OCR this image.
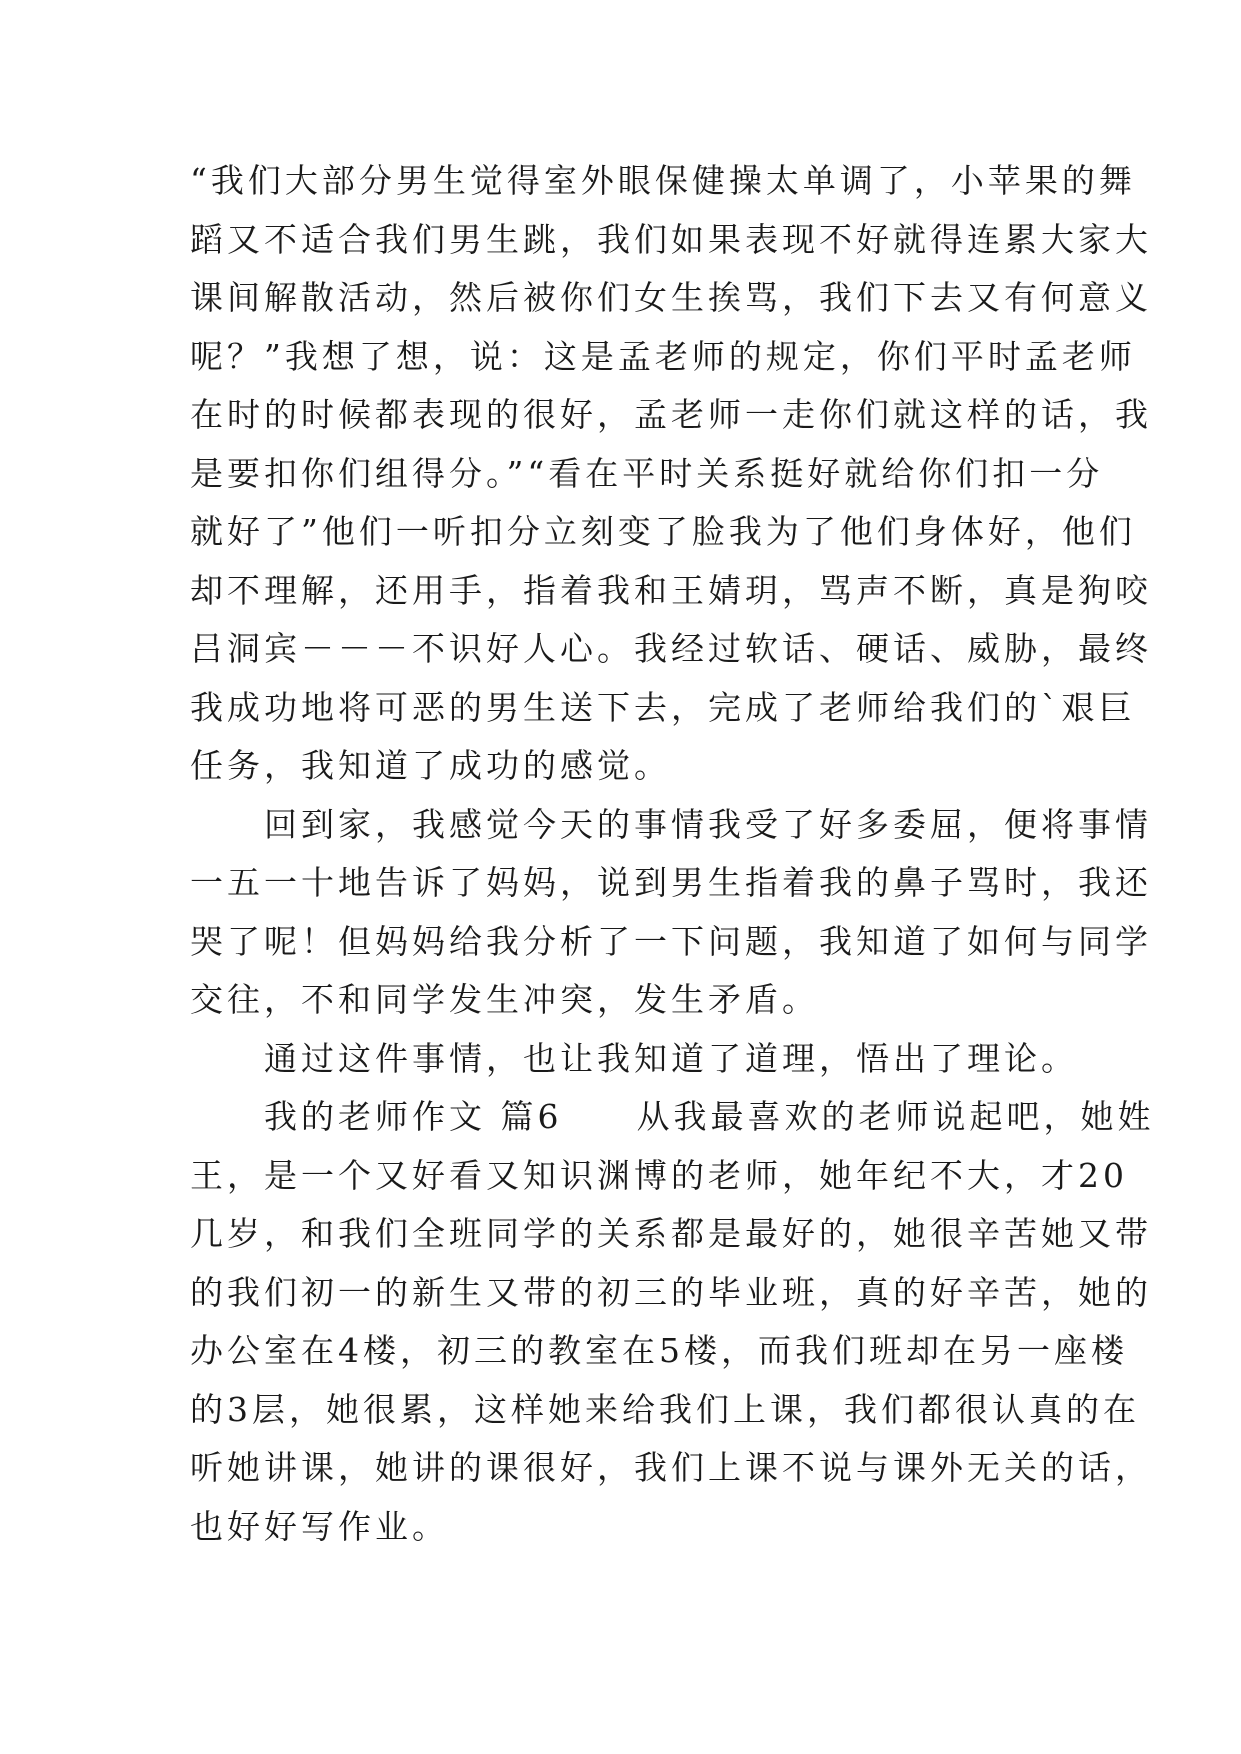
“我们大部分男生觉得室外眼保健操太单调了，小苹果的舞
蹈又不适合我们男生跳，我们如果表现不好就得连累大家大
课间解散活动，然后被你们女生挨骂，我们下去又有何意义
呢？”我想了想，说：这是孟老师的规定，你们平时孟老师
在时的时候都表现的很好，孟老师一走你们就这样的话，我
是要扣你们组得分。”“看在平时关系挺好就给你们扣一分
就好了”他们一听扣分立刻变了脸我为了他们身体好，他们
却不理解，还用手，指着我和王婧玥，骂声不断，真是狗咬
吕洞宾－－－不识好人心。我经过软话、硬话、威胁，最终
我成功地将可恶的男生送下去，完成了老师给我们的`艰巨
任务，我知道了成功的感觉。
　　回到家，我感觉今天的事情我受了好多委屈，便将事情
一五一十地告诉了妈妈，说到男生指着我的鼻子骂时，我还
哭了呢！但妈妈给我分析了一下问题，我知道了如何与同学
交往，不和同学发生冲突，发生矛盾。
　　通过这件事情，也让我知道了道理，悟出了理论。
　　我的老师作文 篇6　　从我最喜欢的老师说起吧，她姓
王，是一个又好看又知识渊博的老师，她年纪不大，才20
几岁，和我们全班同学的关系都是最好的，她很辛苦她又带
的我们初一的新生又带的初三的毕业班，真的好辛苦，她的
办公室在4楼，初三的教室在5楼，而我们班却在另一座楼
的3层，她很累，这样她来给我们上课，我们都很认真的在
听她讲课，她讲的课很好，我们上课不说与课外无关的话，
也好好写作业。
